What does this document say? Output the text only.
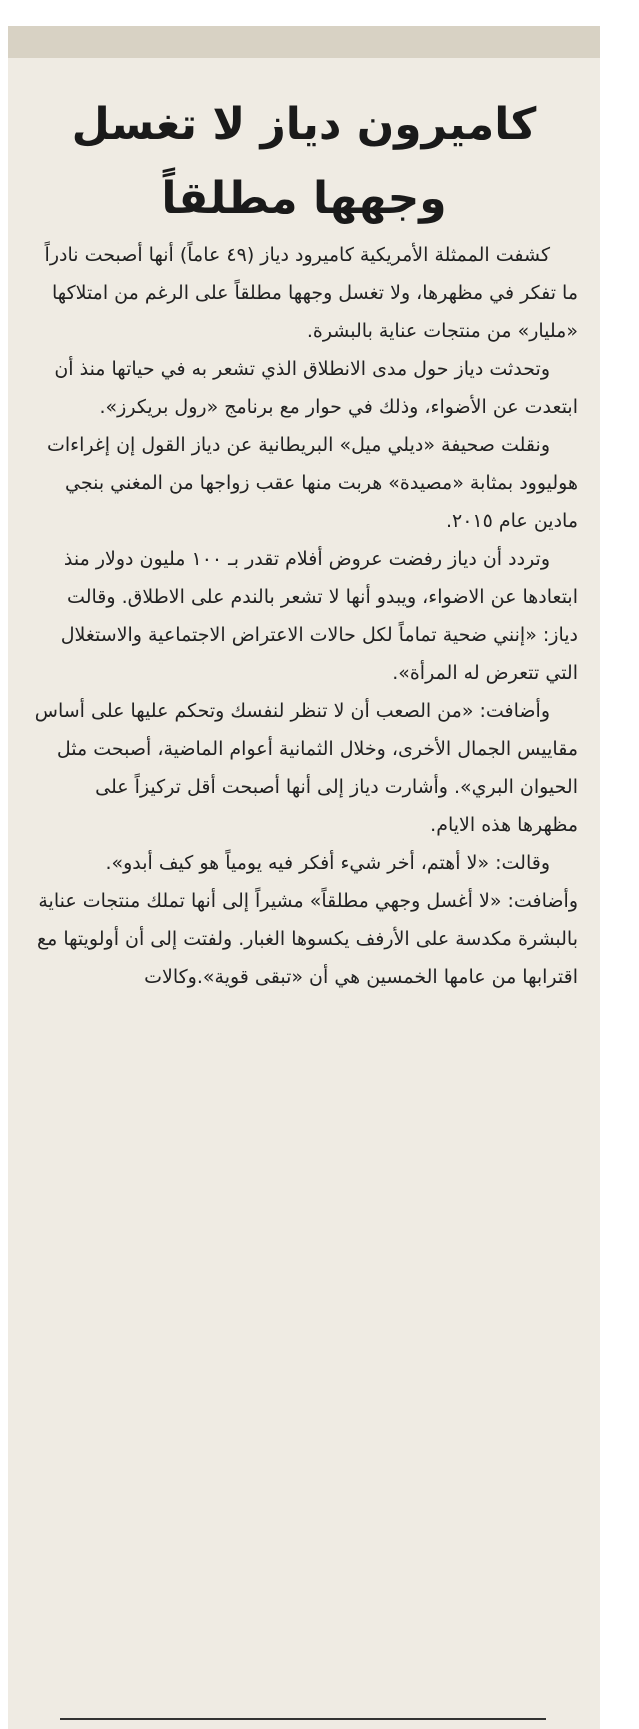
كاميرون دياز لا تغسل
وجهها مطلقاً

كشفت الممثلة الأمريكية كاميرود دياز (٤٩ عاماً) أنها أصبحت نادراً ما تفكر في مظهرها، ولا تغسل وجهها مطلقاً على الرغم من امتلاكها «مليار» من منتجات عناية بالبشرة.

وتحدثت دياز حول مدى الانطلاق الذي تشعر به في حياتها منذ أن ابتعدت عن الأضواء، وذلك في حوار مع برنامج «رول بريكرز».

ونقلت صحيفة «ديلي ميل» البريطانية عن دياز القول إن إغراءات هوليوود بمثابة «مصيدة» هربت منها عقب زواجها من المغني بنجي مادين عام ٢٠١٥.

وتردد أن دياز رفضت عروض أفلام تقدر بـ ١٠٠ مليون دولار منذ ابتعادها عن الاضواء، ويبدو أنها لا تشعر بالندم على الاطلاق. وقالت دياز: «إنني ضحية تماماً لكل حالات الاعتراض الاجتماعية والاستغلال التي تتعرض له المرأة».

وأضافت: «من الصعب أن لا تنظر لنفسك وتحكم عليها على أساس مقاييس الجمال الأخرى، وخلال الثمانية أعوام الماضية، أصبحت مثل الحيوان البري». وأشارت دياز إلى أنها أصبحت أقل تركيزاً على مظهرها هذه الايام.

وقالت: «لا أهتم، أخر شيء أفكر فيه يومياً هو كيف أبدو». وأضافت: «لا أغسل وجهي مطلقاً» مشيراً إلى أنها تملك منتجات عناية بالبشرة مكدسة على الأرفف يكسوها الغبار. ولفتت إلى أن أولويتها مع اقترابها من عامها الخمسين هي أن «تبقى قوية».وكالات
